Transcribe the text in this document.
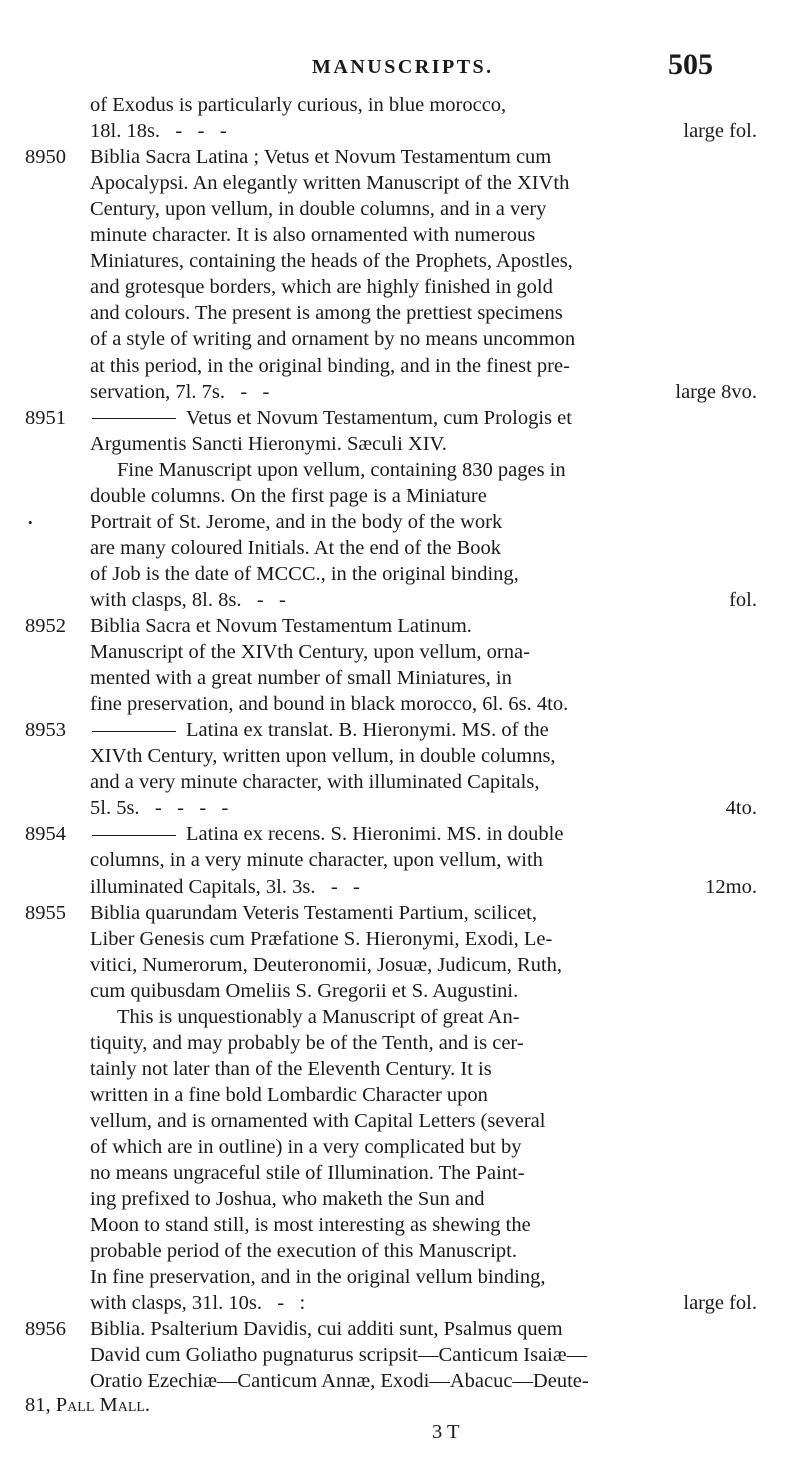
MANUSCRIPTS.	505
of Exodus is particularly curious, in blue morocco,
18l. 18s.   -   -   -	large fol.
8950 Biblia Sacra Latina ; Vetus et Novum Testamentum cum
Apocalypsi. An elegantly written Manuscript of the XIVth
Century, upon vellum, in double columns, and in a very
minute character. It is also ornamented with numerous
Miniatures, containing the heads of the Prophets, Apostles,
and grotesque borders, which are highly finished in gold
and colours. The present is among the prettiest specimens
of a style of writing and ornament by no means uncommon
at this period, in the original binding, and in the finest pre-
servation, 7l. 7s.   -   -	large 8vo.
8951	Vetus et Novum Testamentum, cum Prologis et
Argumentis Sancti Hieronymi. Sæculi XIV.
Fine Manuscript upon vellum, containing 830 pages in
double columns. On the first page is a Miniature
Portrait of St. Jerome, and in the body of the work
are many coloured Initials. At the end of the Book
of Job is the date of MCCC., in the original binding,
with clasps, 8l. 8s.   -   -	fol.
8952 Biblia Sacra et Novum Testamentum Latinum.
Manuscript of the XIVth Century, upon vellum, orna-
mented with a great number of small Miniatures, in
fine preservation, and bound in black morocco, 6l. 6s. 4to.
8953	Latina ex translat. B. Hieronymi. MS. of the
XIVth Century, written upon vellum, in double columns,
and a very minute character, with illuminated Capitals,
5l. 5s.   -   -   -   -	4to.
8954	Latina ex recens. S. Hieronimi. MS. in double
columns, in a very minute character, upon vellum, with
illuminated Capitals, 3l. 3s.   -   -	12mo.
8955 Biblia quarundam Veteris Testamenti Partium, scilicet,
Liber Genesis cum Præfatione S. Hieronymi, Exodi, Le-
vitici, Numerorum, Deuteronomii, Josuæ, Judicum, Ruth,
cum quibusdam Omeliis S. Gregorii et S. Augustini.
This is unquestionably a Manuscript of great An-
tiquity, and may probably be of the Tenth, and is cer-
tainly not later than of the Eleventh Century. It is
written in a fine bold Lombardic Character upon
vellum, and is ornamented with Capital Letters (several
of which are in outline) in a very complicated but by
no means ungraceful stile of Illumination. The Paint-
ing prefixed to Joshua, who maketh the Sun and
Moon to stand still, is most interesting as shewing the
probable period of the execution of this Manuscript.
In fine preservation, and in the original vellum binding,
with clasps, 31l. 10s.   -   :	large fol.
8956 Biblia. Psalterium Davidis, cui additi sunt, Psalmus quem
David cum Goliatho pugnaturus scripsit—Canticum Isaiæ—
Oratio Ezechiæ—Canticum Annæ, Exodi—Abacuc—Deute-
•

81, Pall Mall.

3 T
